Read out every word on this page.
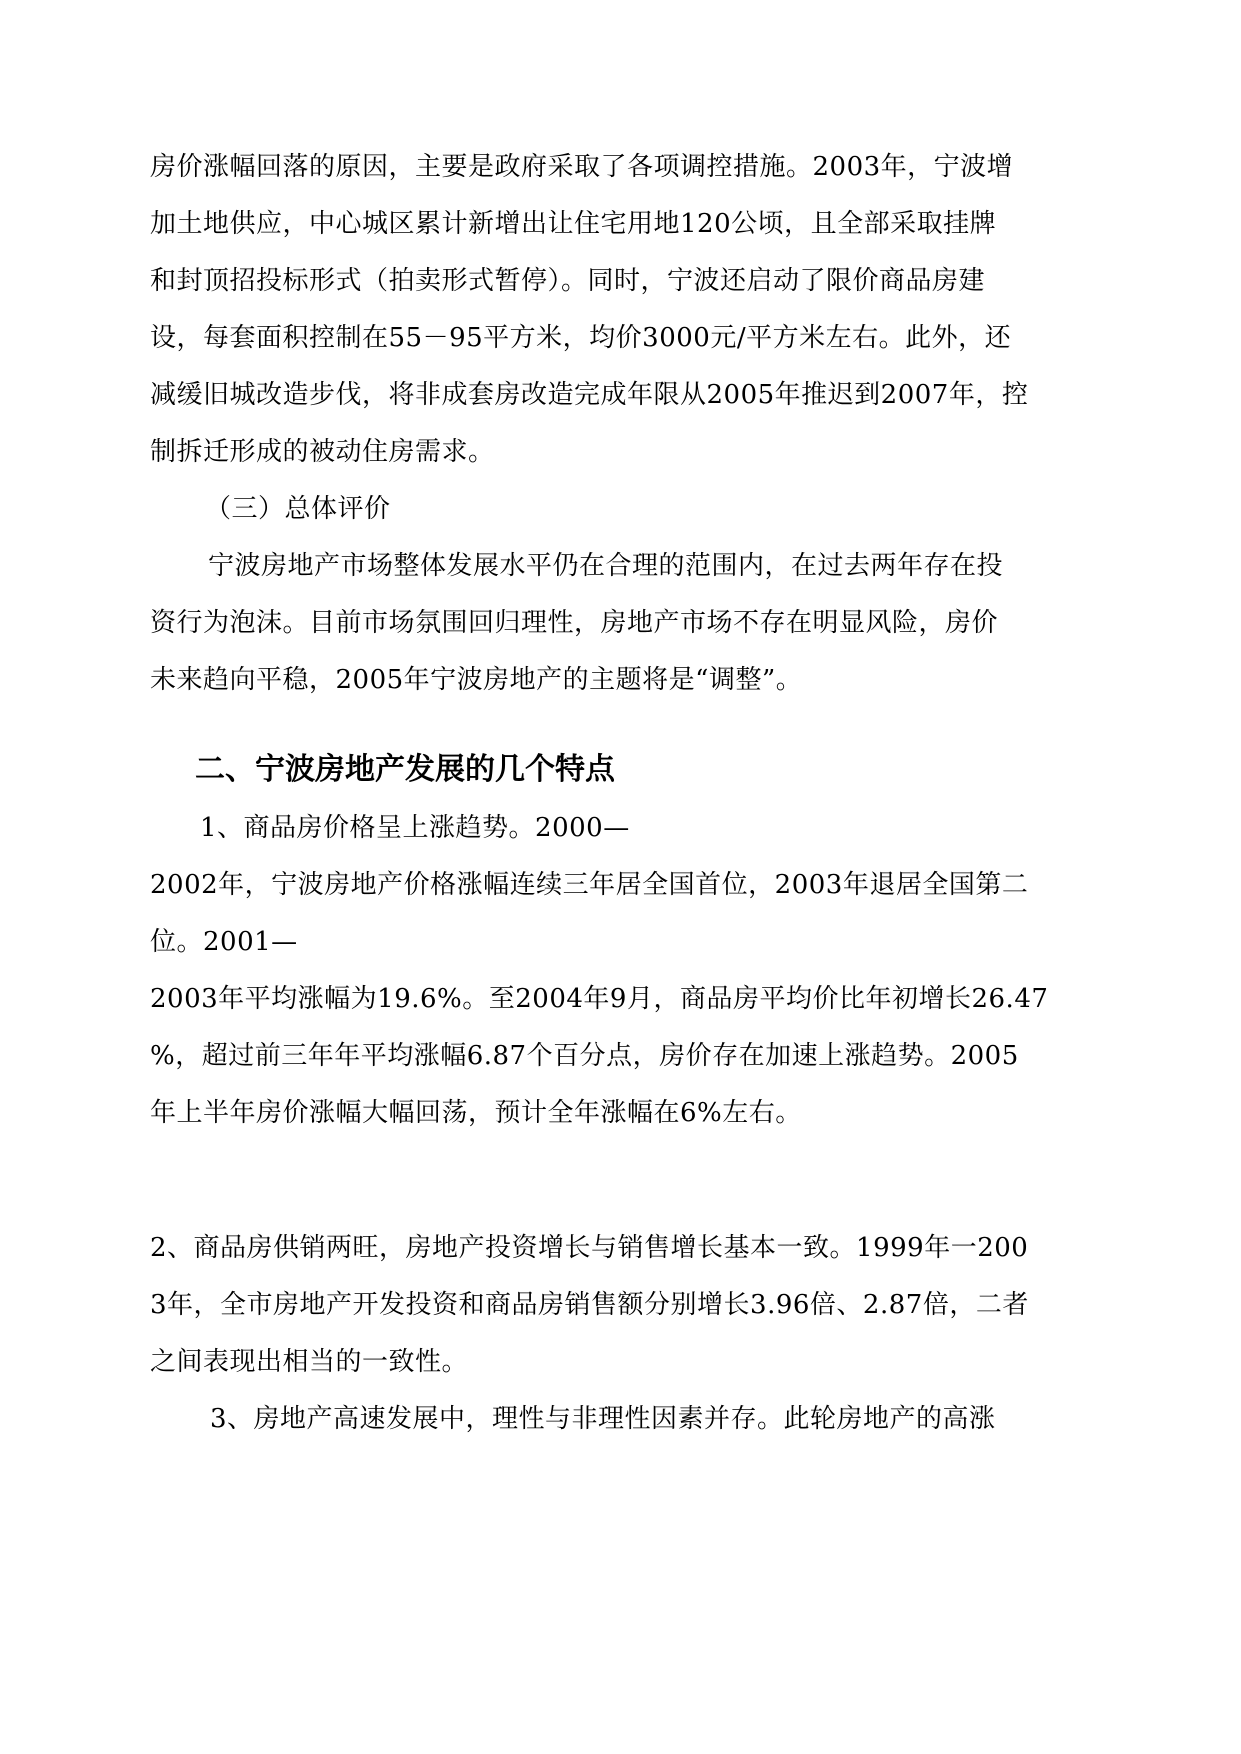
房价涨幅回落的原因，主要是政府采取了各项调控措施。2003年，宁波增
加土地供应，中心城区累计新增出让住宅用地120公顷，且全部采取挂牌
和封顶招投标形式（拍卖形式暂停）。同时，宁波还启动了限价商品房建
设，每套面积控制在55－95平方米，均价3000元/平方米左右。此外，还
减缓旧城改造步伐，将非成套房改造完成年限从2005年推迟到2007年，控
制拆迁形成的被动住房需求。
（三）总体评价
宁波房地产市场整体发展水平仍在合理的范围内，在过去两年存在投
资行为泡沫。目前市场氛围回归理性，房地产市场不存在明显风险，房价
未来趋向平稳，2005年宁波房地产的主题将是“调整”。
二、宁波房地产发展的几个特点
1、商品房价格呈上涨趋势。2000—
2002年，宁波房地产价格涨幅连续三年居全国首位，2003年退居全国第二
位。2001—
2003年平均涨幅为19.6%。至2004年9月，商品房平均价比年初增长26.47
%，超过前三年年平均涨幅6.87个百分点，房价存在加速上涨趋势。2005
年上半年房价涨幅大幅回荡，预计全年涨幅在6%左右。
2、商品房供销两旺，房地产投资增长与销售增长基本一致。1999年一200
3年，全市房地产开发投资和商品房销售额分别增长3.96倍、2.87倍，二者
之间表现出相当的一致性。
3、房地产高速发展中，理性与非理性因素并存。此轮房地产的高涨
